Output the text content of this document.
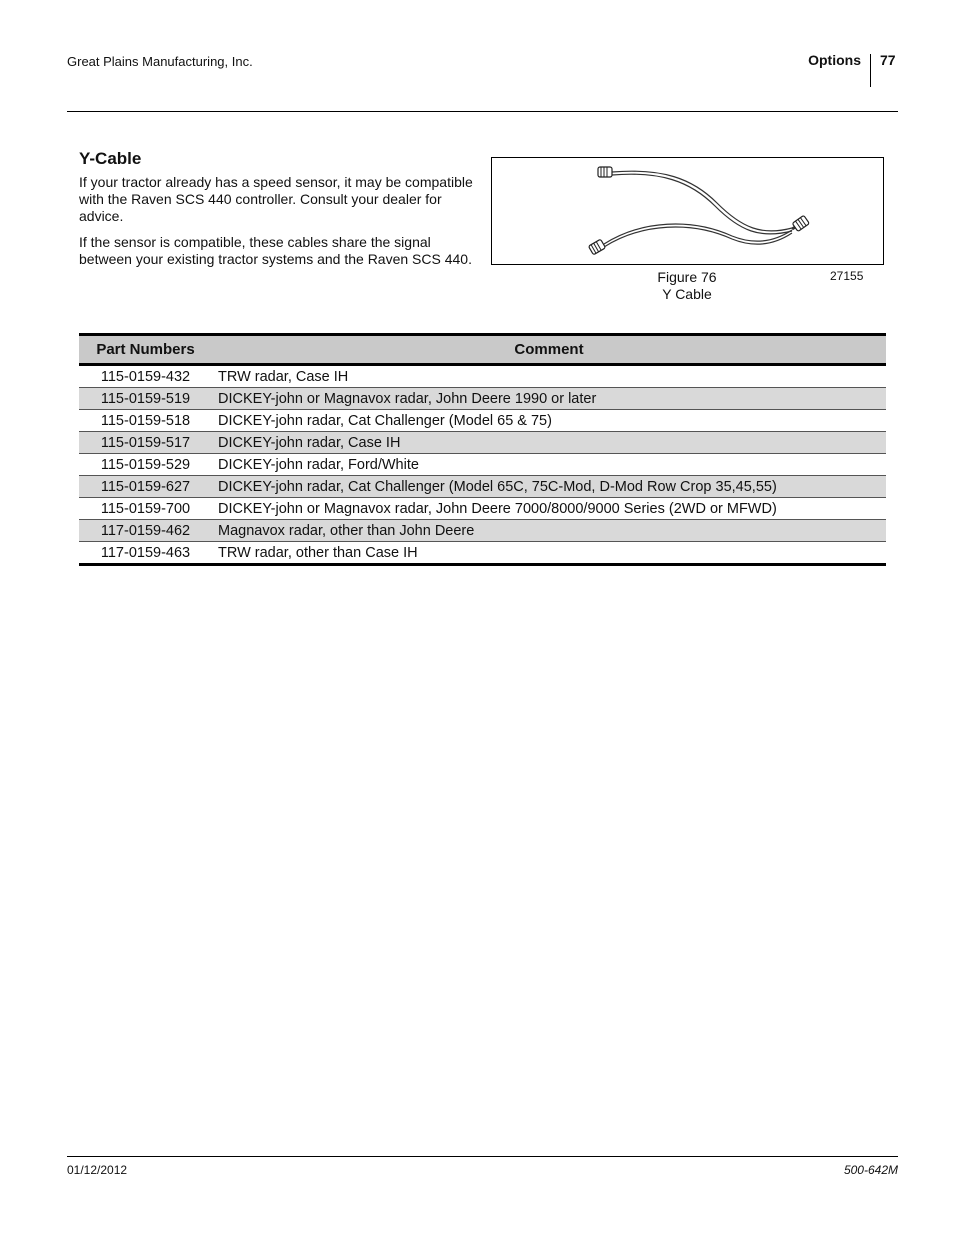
Great Plains Manufacturing, Inc.	Options 77
Y-Cable

If your tractor already has a speed sensor, it may be compatible with the Raven SCS 440 controller. Consult your dealer for advice.

If the sensor is compatible, these cables share the signal between your existing tractor systems and the Raven SCS 440.

Figure 76
Y Cable
27155
Part Numbers	Comment
115-0159-432	TRW radar, Case IH
115-0159-519	DICKEY-john or Magnavox radar, John Deere 1990 or later
115-0159-518	DICKEY-john radar, Cat Challenger (Model 65 & 75)
115-0159-517	DICKEY-john radar, Case IH
115-0159-529	DICKEY-john radar, Ford/White
115-0159-627	DICKEY-john radar, Cat Challenger (Model 65C, 75C-Mod, D-Mod Row Crop 35,45,55)
115-0159-700	DICKEY-john or Magnavox radar, John Deere 7000/8000/9000 Series (2WD or MFWD)
117-0159-462	Magnavox radar, other than John Deere
117-0159-463	TRW radar, other than Case IH
01/12/2012	500-642M
